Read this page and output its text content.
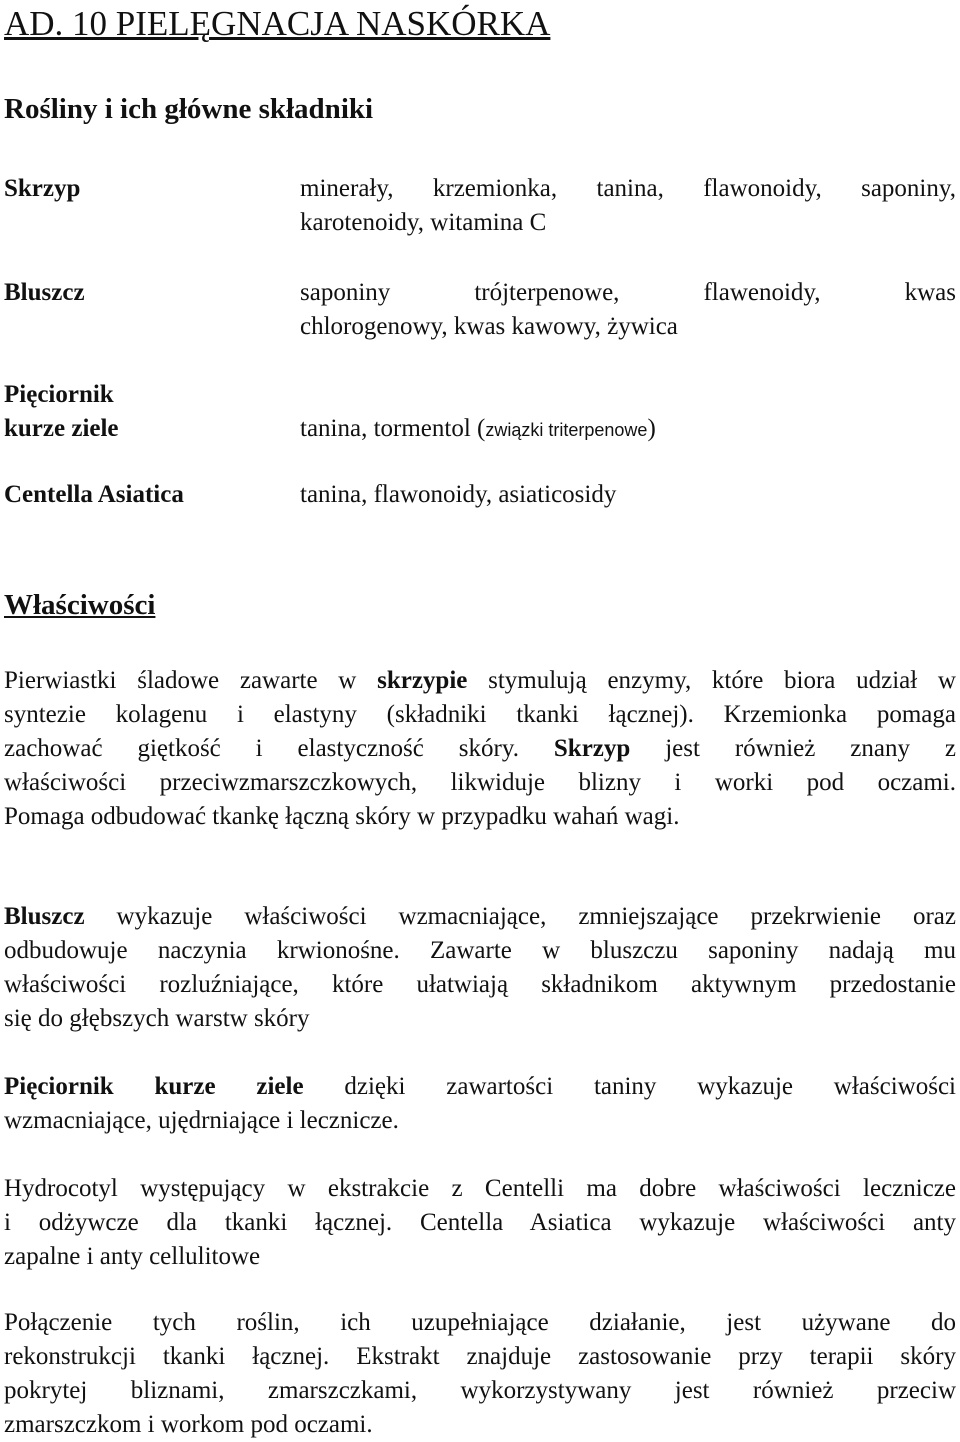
AD. 10 PIELĘGNACJA NASKÓRKA
Rośliny i ich główne składniki
Skrzyp	minerały, krzemionka, tanina, flawonoidy, saponiny,
karotenoidy, witamina C
Bluszcz	saponiny trójterpenowe, flawenoidy, kwas
chlorogenowy, kwas kawowy, żywica
Pięciornik
kurze ziele	tanina, tormentol (związki triterpenowe)
Centella Asiatica	tanina, flawonoidy, asiaticosidy
Właściwości
Pierwiastki śladowe zawarte w skrzypie stymulują enzymy, które biora udział w
syntezie kolagenu i elastyny (składniki tkanki łącznej). Krzemionka pomaga
zachować giętkość i elastyczność skóry. Skrzyp jest również znany z
właściwości przeciwzmarszczkowych, likwiduje blizny i worki pod oczami.
Pomaga odbudować tkankę łączną skóry w przypadku wahań wagi.
Bluszcz wykazuje właściwości wzmacniające, zmniejszające przekrwienie oraz
odbudowuje naczynia krwionośne. Zawarte w bluszczu saponiny nadają mu
właściwości rozluźniające, które ułatwiają składnikom aktywnym przedostanie
się do głębszych warstw skóry
Pięciornik kurze ziele dzięki zawartości taniny wykazuje właściwości
wzmacniające, ujędrniające i lecznicze.
Hydrocotyl występujący w ekstrakcie z Centelli ma dobre właściwości lecznicze
i odżywcze dla tkanki łącznej. Centella Asiatica wykazuje właściwości anty
zapalne i anty cellulitowe
Połączenie tych roślin, ich uzupełniające działanie, jest używane do
rekonstrukcji tkanki łącznej. Ekstrakt znajduje zastosowanie przy terapii skóry
pokrytej bliznami, zmarszczkami, wykorzystywany jest również przeciw
zmarszczkom i workom pod oczami.
